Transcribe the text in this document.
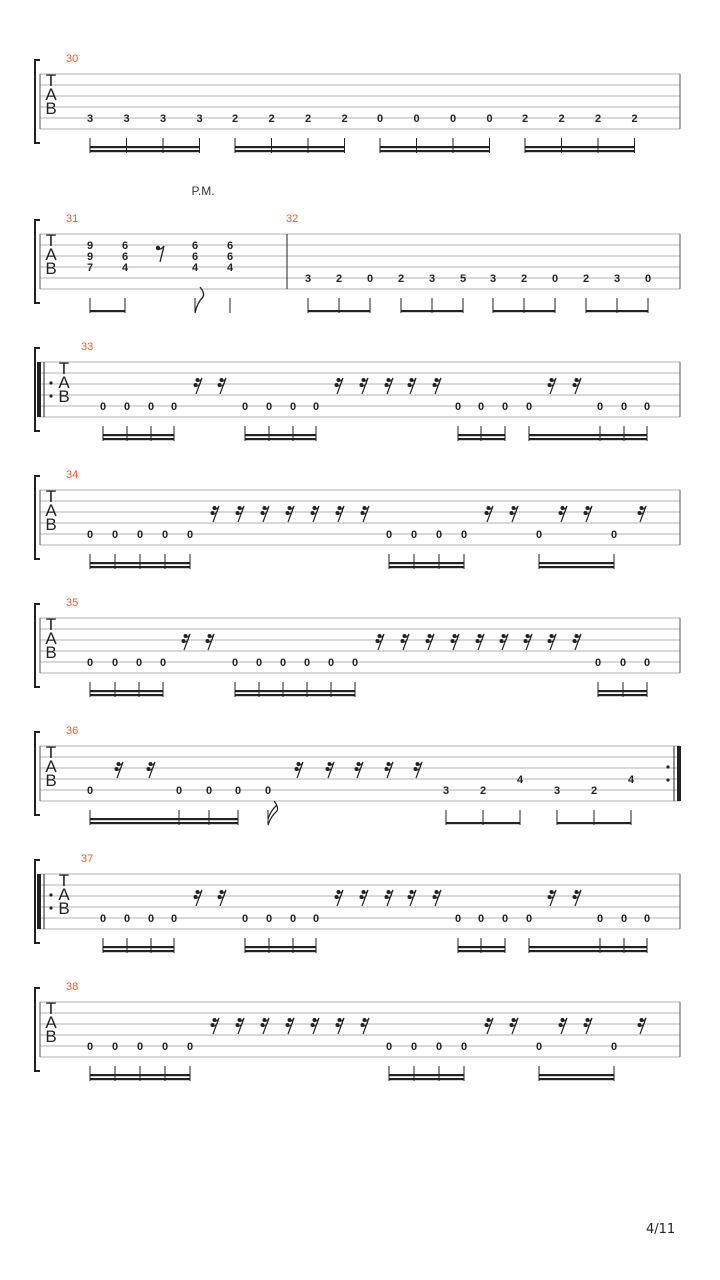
T
A
B
30
3	3	3	3	2	2	2	2	0	0	0	0	2	2	2	2
T
A
B
P.M.
31	32
9
9
7
6
6
4
6
6
4
6
6
4
3 2 0 2 3 5 3 2 0 2 3 0
T
A
B
33
0 0 0 0	0 0 0 0	0 0 0 0	0 0 0
T
A
B
34
0 0 0 0 0	0 0 0 0	0	0
T
A
B
35
0 0 0 0	0 0 0 0 0 0	0 0 0
T
A
B
36
0	0 0 0 0	3	2
4
3	2
4
T
A
B
37
0 0 0 0	0 0 0 0	0 0 0 0	0 0 0
T
A
B
38
0 0 0 0 0	0 0 0 0	0	0
4/11
